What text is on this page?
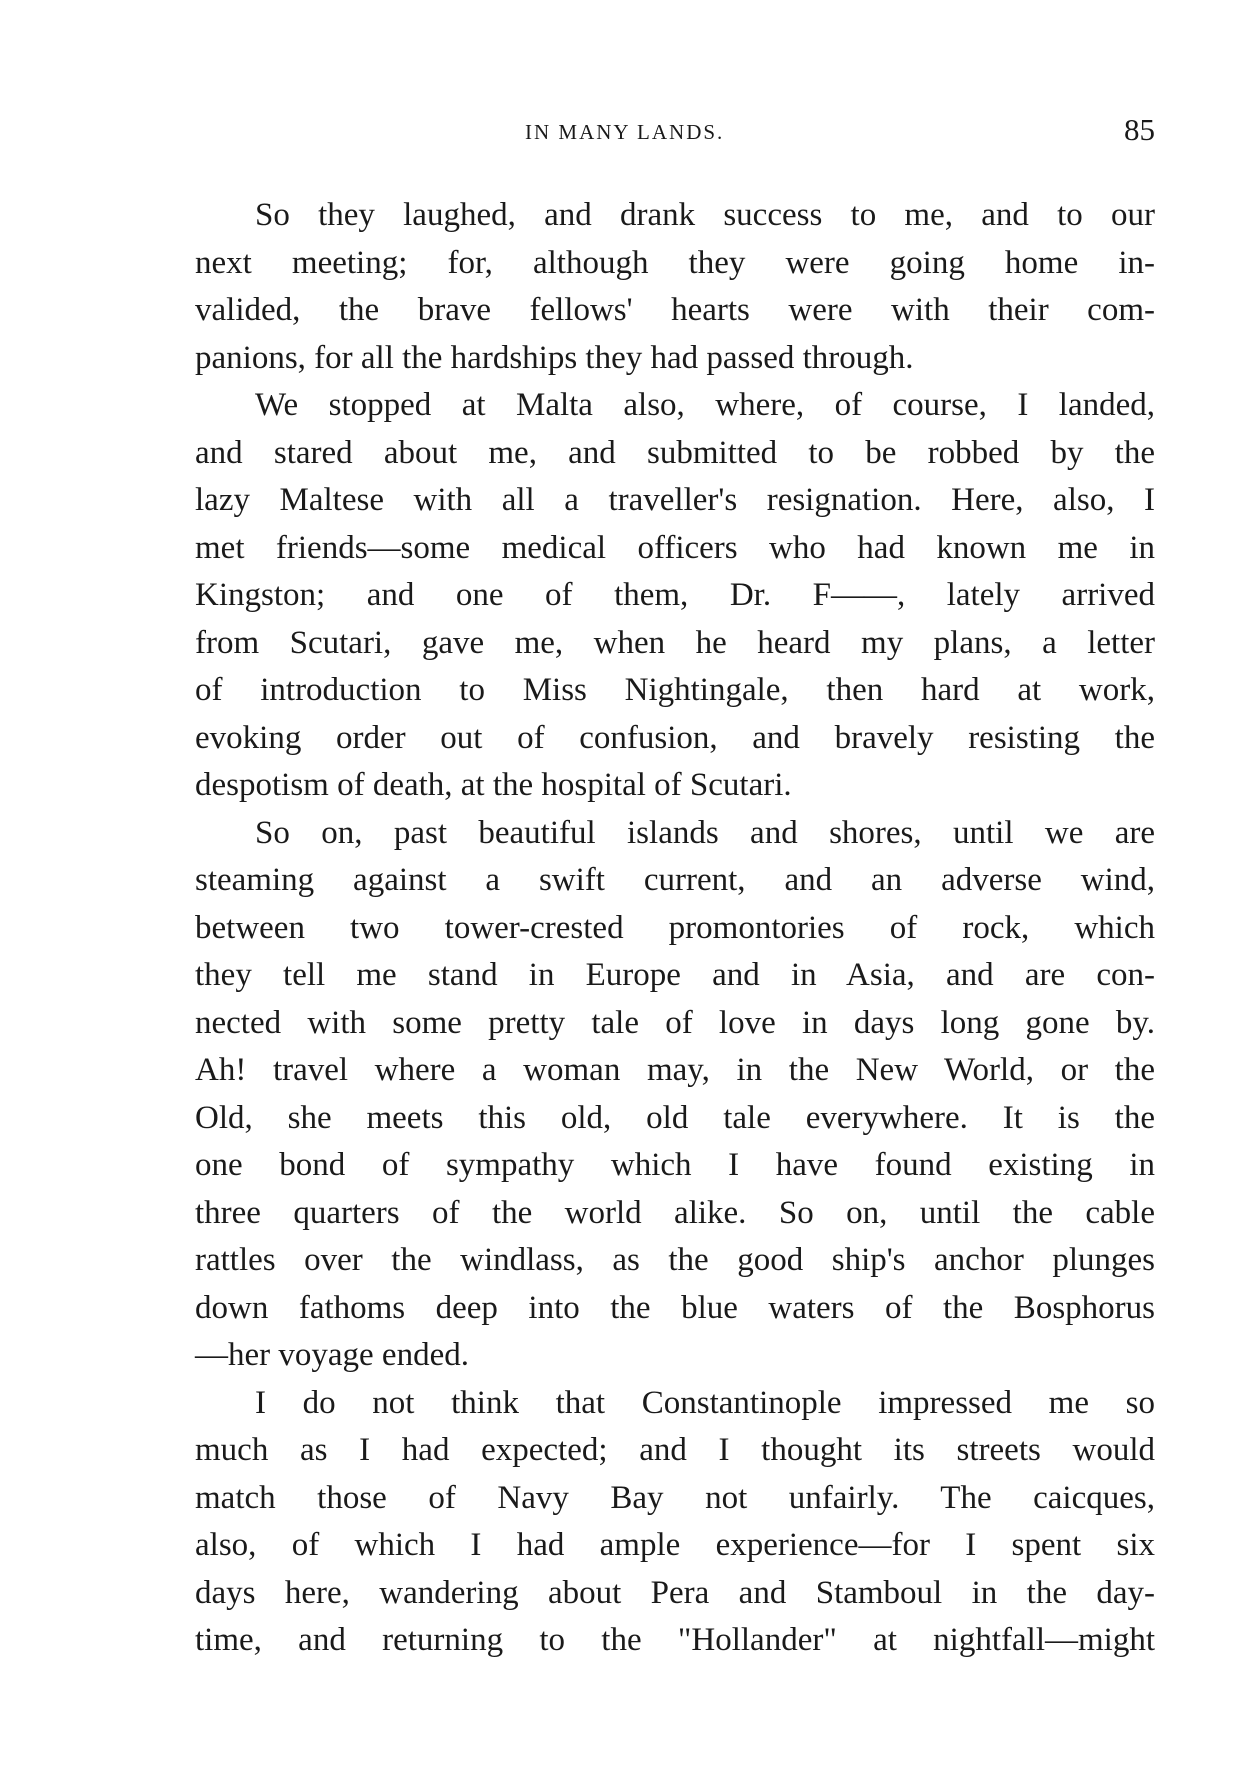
IN MANY LANDS.	85
So they laughed, and drank success to me, and to our
next meeting; for, although they were going home in-
valided, the brave fellows' hearts were with their com-
panions, for all the hardships they had passed through.
We stopped at Malta also, where, of course, I landed,
and stared about me, and submitted to be robbed by the
lazy Maltese with all a traveller's resignation. Here, also, I
met friends—some medical officers who had known me in
Kingston; and one of them, Dr. F——, lately arrived
from Scutari, gave me, when he heard my plans, a letter
of introduction to Miss Nightingale, then hard at work,
evoking order out of confusion, and bravely resisting the
despotism of death, at the hospital of Scutari.
So on, past beautiful islands and shores, until we are
steaming against a swift current, and an adverse wind,
between two tower-crested promontories of rock, which
they tell me stand in Europe and in Asia, and are con-
nected with some pretty tale of love in days long gone by.
Ah! travel where a woman may, in the New World, or the
Old, she meets this old, old tale everywhere. It is the
one bond of sympathy which I have found existing in
three quarters of the world alike. So on, until the cable
rattles over the windlass, as the good ship's anchor plunges
down fathoms deep into the blue waters of the Bosphorus
—her voyage ended.
I do not think that Constantinople impressed me so
much as I had expected; and I thought its streets would
match those of Navy Bay not unfairly. The caicques,
also, of which I had ample experience—for I spent six
days here, wandering about Pera and Stamboul in the day-
time, and returning to the "Hollander" at nightfall—might
